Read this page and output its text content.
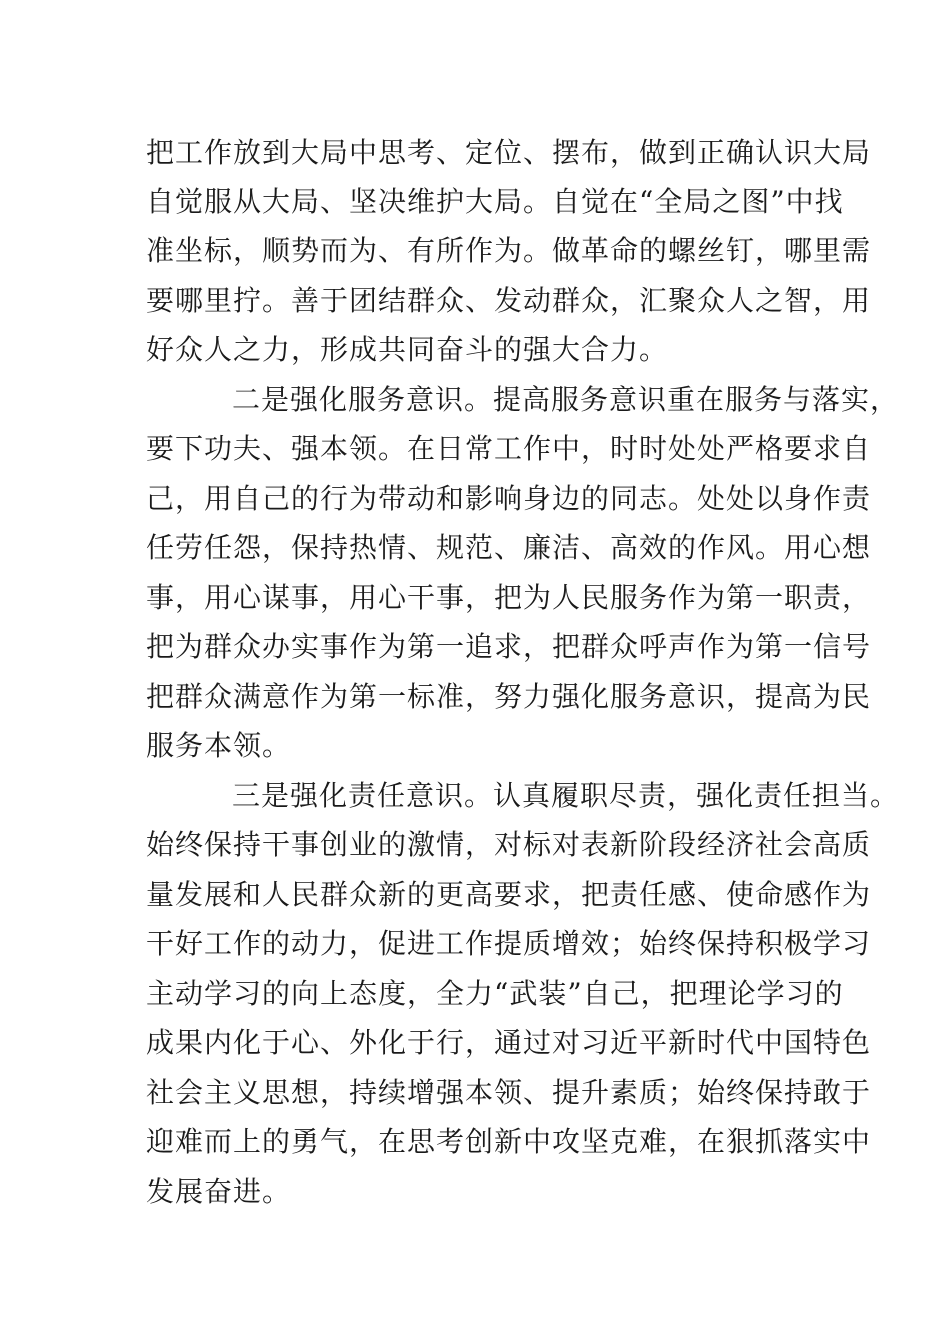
把工作放到大局中思考、定位、摆布，做到正确认识大局

自觉服从大局、坚决维护大局。自觉在“全局之图”中找

准坐标，顺势而为、有所作为。做革命的螺丝钉，哪里需

要哪里拧。善于团结群众、发动群众，汇聚众人之智，用

好众人之力，形成共同奋斗的强大合力。

二是强化服务意识。提高服务意识重在服务与落实，

要下功夫、强本领。在日常工作中，时时处处严格要求自

己，用自己的行为带动和影响身边的同志。处处以身作责

任劳任怨，保持热情、规范、廉洁、高效的作风。用心想

事，用心谋事，用心干事，把为人民服务作为第一职责，

把为群众办实事作为第一追求，把群众呼声作为第一信号

把群众满意作为第一标准，努力强化服务意识，提高为民

服务本领。

三是强化责任意识。认真履职尽责，强化责任担当。

始终保持干事创业的激情，对标对表新阶段经济社会高质

量发展和人民群众新的更高要求，把责任感、使命感作为

干好工作的动力，促进工作提质增效；始终保持积极学习

主动学习的向上态度，全力“武装”自己，把理论学习的

成果内化于心、外化于行，通过对习近平新时代中国特色

社会主义思想，持续增强本领、提升素质；始终保持敢于

迎难而上的勇气，在思考创新中攻坚克难，在狠抓落实中

发展奋进。
